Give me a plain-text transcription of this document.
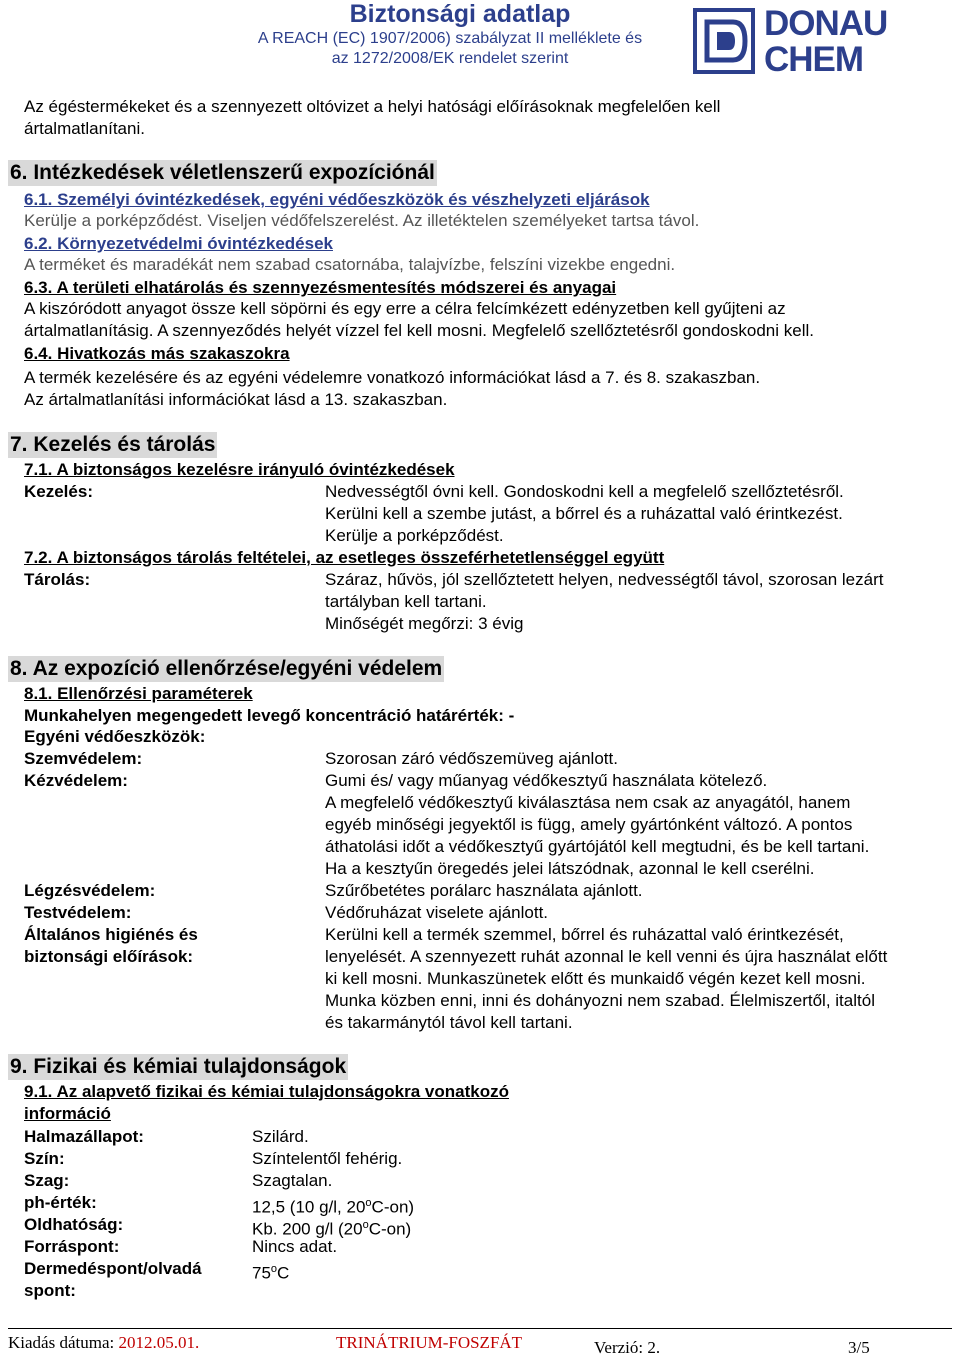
Biztonsági adatlap
A REACH (EC) 1907/2006) szabályzat II melléklete és
az 1272/2008/EK rendelet szerint
DONAU
CHEM
Az égéstermékeket és a szennyezett oltóvizet a helyi hatósági előírásoknak megfelelően kell
ártalmatlanítani.
6. Intézkedések véletlenszerű expozíciónál
6.1. Személyi óvintézkedések, egyéni védőeszközök és vészhelyzeti eljárások
Kerülje a porképződést. Viseljen védőfelszerelést. Az illetéktelen személyeket tartsa távol.
6.2. Környezetvédelmi óvintézkedések
A terméket és maradékát nem szabad csatornába, talajvízbe, felszíni vizekbe engedni.
6.3. A területi elhatárolás és szennyezésmentesítés módszerei és anyagai
A kiszóródott anyagot össze kell söpörni és egy erre a célra felcímkézett edényzetben kell gyűjteni az
ártalmatlanításig. A szennyeződés helyét vízzel fel kell mosni. Megfelelő szellőztetésről gondoskodni kell.
6.4. Hivatkozás más szakaszokra
A termék kezelésére és az egyéni védelemre vonatkozó információkat lásd a 7. és 8. szakaszban.
Az ártalmatlanítási információkat lásd a 13. szakaszban.
7. Kezelés és tárolás
7.1. A biztonságos kezelésre irányuló óvintézkedések
Kezelés:	Nedvességtől óvni kell. Gondoskodni kell a megfelelő szellőztetésről.
Kerülni kell a szembe jutást, a bőrrel és a ruházattal való érintkezést.
Kerülje a porképződést.
7.2. A biztonságos tárolás feltételei, az esetleges összeférhetetlenséggel együtt
Tárolás:	Száraz, hűvös, jól szellőztetett helyen, nedvességtől távol, szorosan lezárt
tartályban kell tartani.
Minőségét megőrzi: 3 évig
8. Az expozíció ellenőrzése/egyéni védelem
8.1. Ellenőrzési paraméterek
Munkahelyen megengedett levegő koncentráció határérték: -
Egyéni védőeszközök:
Szemvédelem:	Szorosan záró védőszemüveg ajánlott.
Kézvédelem:	Gumi és/ vagy műanyag védőkesztyű használata kötelező.
A megfelelő védőkesztyű kiválasztása nem csak az anyagától, hanem
egyéb minőségi jegyektől is függ, amely gyártónként változó. A pontos
áthatolási időt a védőkesztyű gyártójától kell megtudni, és be kell tartani.
Ha a kesztyűn öregedés jelei látszódnak, azonnal le kell cserélni.
Légzésvédelem:	Szűrőbetétes porálarc használata ajánlott.
Testvédelem:	Védőruházat viselete ajánlott.
Általános higiénés és
biztonsági előírások:
Kerülni kell a termék szemmel, bőrrel és ruházattal való érintkezését,
lenyelését. A szennyezett ruhát azonnal le kell venni és újra használat előtt
ki kell mosni. Munkaszünetek előtt és munkaidő végén kezet kell mosni.
Munka közben enni, inni és dohányozni nem szabad. Élelmiszertől, italtól
és takarmánytól távol kell tartani.
9. Fizikai és kémiai tulajdonságok
9.1. Az alapvető fizikai és kémiai tulajdonságokra vonatkozó
információ
Halmazállapot:	Szilárd.
Szín:	Színtelentől fehérig.
Szag:	Szagtalan.
ph-érték:	12,5 (10 g/l, 20$^o$C-on)
Oldhatóság:	Kb. 200 g/l (20$^o$C-on)
Forráspont:	Nincs adat.
Dermedéspont/olvadá
spont:
75$^o$C
Kiadás dátuma: 2012.05.01.	TRINÁTRIUM-FOSZFÁT	Verzió: 2.	3/5
